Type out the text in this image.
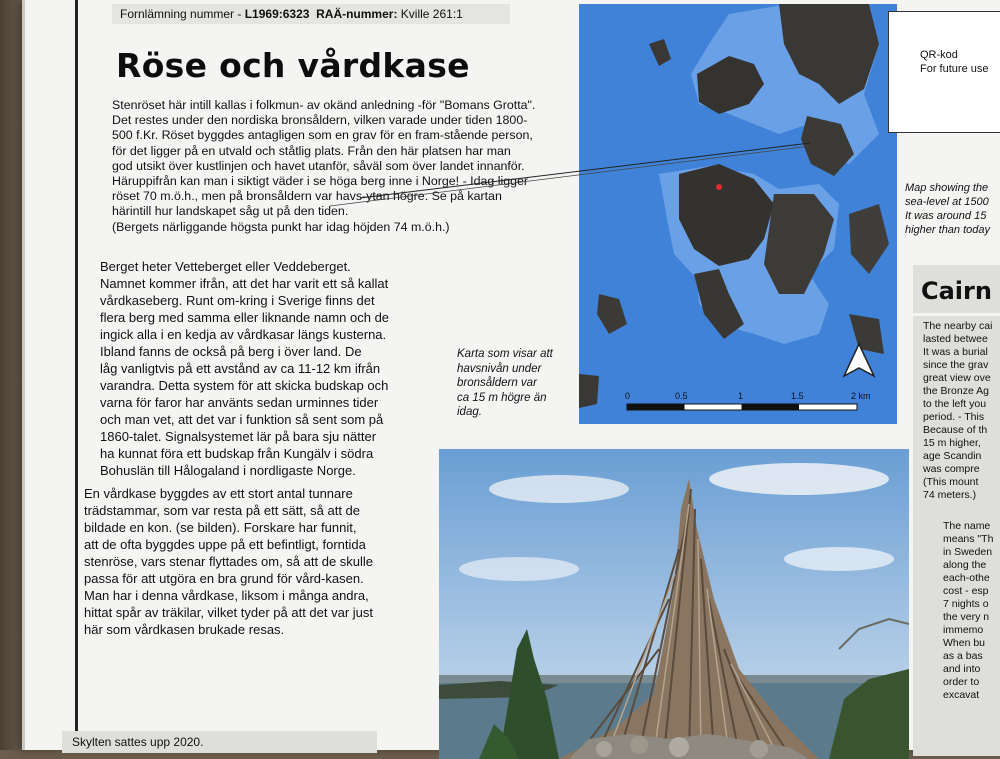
Fornlämning nummer - L1969:6323 RAÄ-nummer: Kville 261:1
Röse och vårdkase
Stenröset här intill kallas i folkmun- av okänd anledning -för "Bomans Grotta".
Det restes under den nordiska bronsåldern, vilken varade under tiden 1800-
500 f.Kr. Röset byggdes antagligen som en grav för en fram-stående person,
för det ligger på en utvald och ståtlig plats. Från den här platsen har man
god utsikt över kustlinjen och havet utanför, såväl som över landet innanför.
Häruppifrån kan man i siktigt väder i se höga berg inne i Norge! - Idag ligger
röset 70 m.ö.h., men på bronsåldern var havs-ytan högre. Se på kartan
härintill hur landskapet såg ut på den tiden.
(Bergets närliggande högsta punkt har idag höjden 74 m.ö.h.)
Berget heter Vetteberget eller Veddeberget.
Namnet kommer ifrån, att det har varit ett så kallat
vårdkaseberg. Runt om-kring i Sverige finns det
flera berg med samma eller liknande namn och de
ingick alla i en kedja av vårdkasar längs kusterna.
Ibland fanns de också på berg i över land. De
låg vanligtvis på ett avstånd av ca 11-12 km ifrån
varandra. Detta system för att skicka budskap och
varna för faror har använts sedan urminnes tider
och man vet, att det var i funktion så sent som på
1860-talet. Signalsystemet lär på bara sju nätter
ha kunnat föra ett budskap från Kungälv i södra
Bohuslän till Hålogaland i nordligaste Norge.
En vårdkase byggdes av ett stort antal tunnare
trädstammar, som var resta på ett sätt, så att de
bildade en kon. (se bilden). Forskare har funnit,
att de ofta byggdes uppe på ett befintligt, forntida
stenröse, vars stenar flyttades om, så att de skulle
passa för att utgöra en bra grund för vård-kasen.
Man har i denna vårdkase, liksom i många andra,
hittat spår av träkilar, vilket tyder på att det var just
här som vårdkasen brukade resas.
Karta som visar att
havsnivån under
bronsåldern var
ca 15 m högre än
idag.
0	0.5	1	1.5	2 km
QR-kod
For future use
Map showing the
sea-level at 1500
It was around 15
higher than today
Cairn
The nearby cai
lasted betwee
It was a burial
since the grav
great view ove
the Bronze Ag
to the left you
period. - This
Because of th
15 m higher,
age Scandin
was compre
(This mount
74 meters.)
The name
means "Th
in Sweden
along the
each-othe
cost - esp
7 nights o
the very n
immemo
When bu
as a bas
and into
order to
excavat
Skylten sattes upp 2020.
